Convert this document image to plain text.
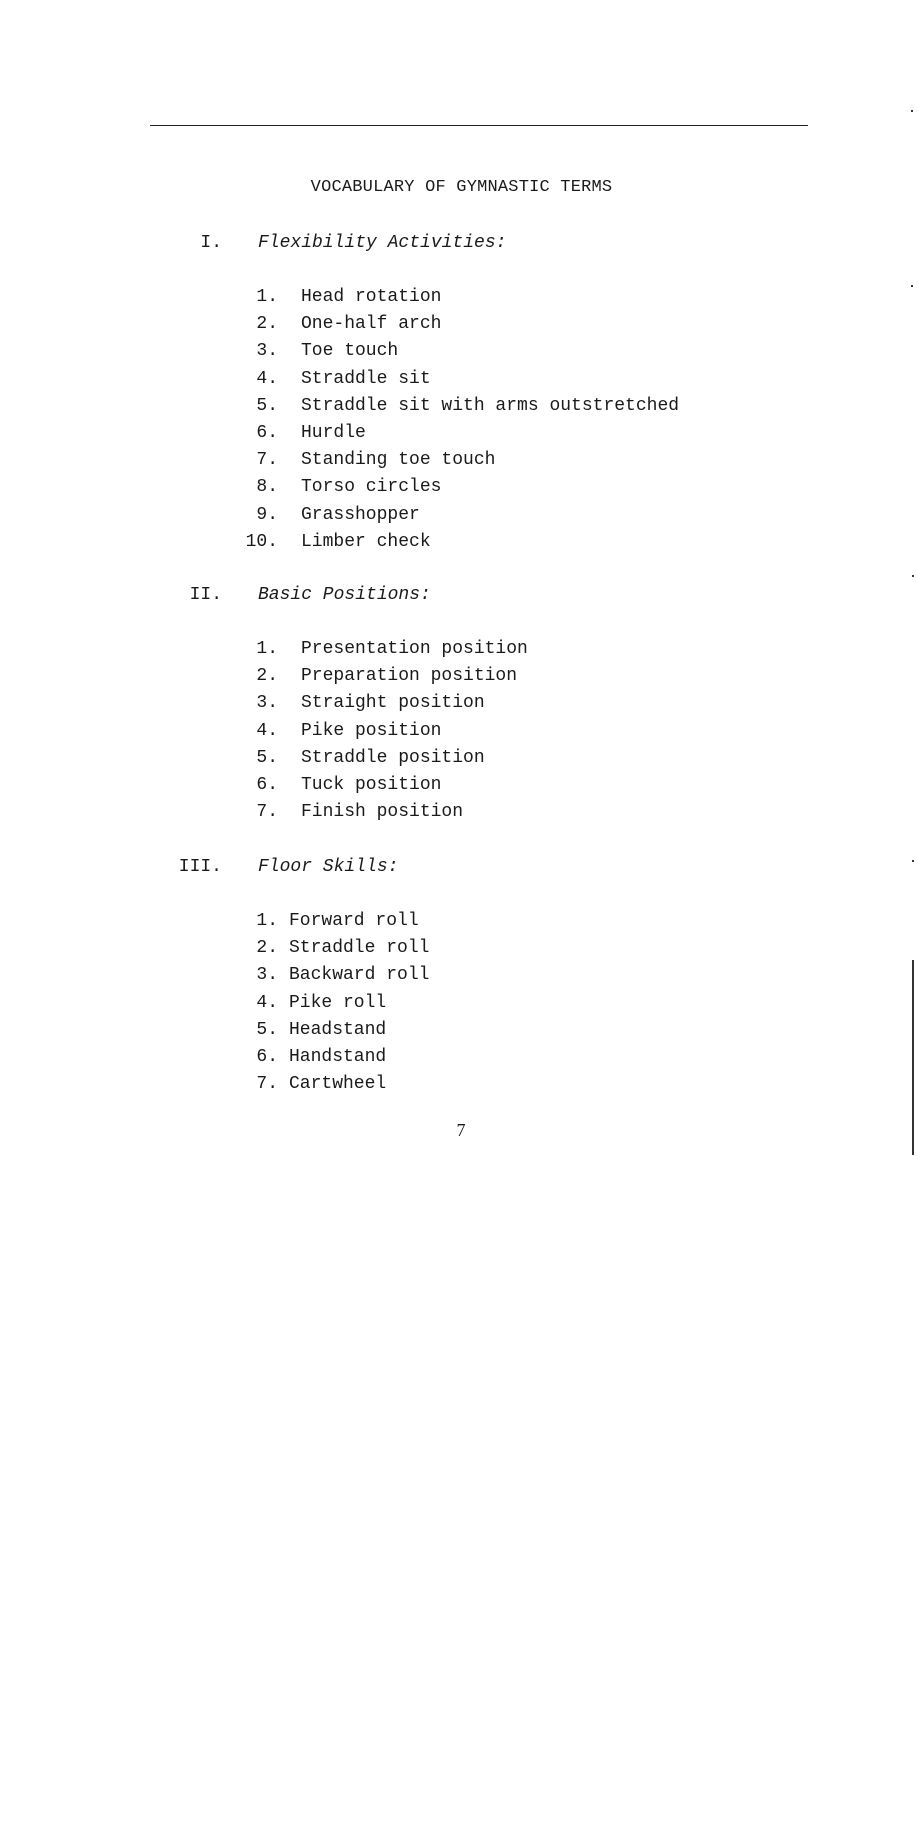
VOCABULARY OF GYMNASTIC TERMS
I. Flexibility Activities:
1. Head rotation
2. One-half arch
3. Toe touch
4. Straddle sit
5. Straddle sit with arms outstretched
6. Hurdle
7. Standing toe touch
8. Torso circles
9. Grasshopper
10. Limber check
II. Basic Positions:
1. Presentation position
2. Preparation position
3. Straight position
4. Pike position
5. Straddle position
6. Tuck position
7. Finish position
III. Floor Skills:
1. Forward roll
2. Straddle roll
3. Backward roll
4. Pike roll
5. Headstand
6. Handstand
7. Cartwheel
7
